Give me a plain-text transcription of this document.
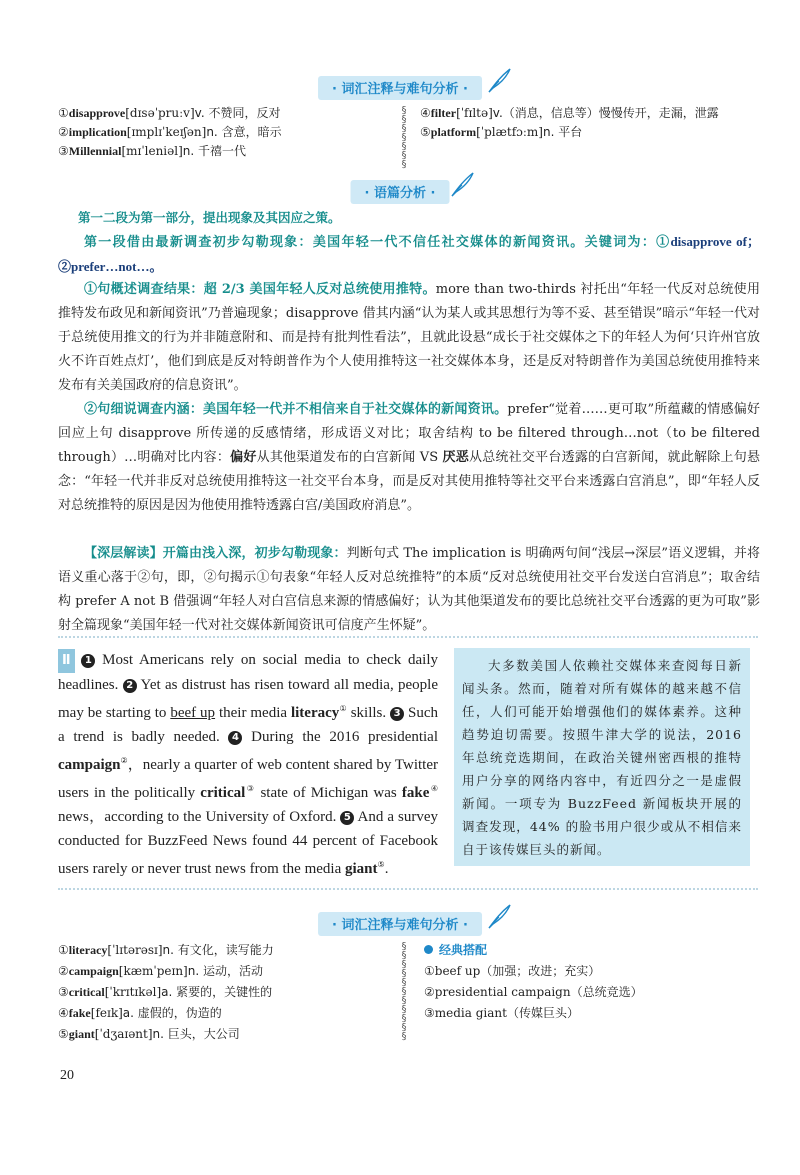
· 词汇注释与难句分析 ·
①disapprove[dɪsəˈpruːv]v. 不赞同，反对
②implication[ɪmplɪˈkeɪʃən]n. 含意，暗示
③Millennial[mɪˈleniəl]n. 千禧一代
§
§
§
§
§
§
§
④filter[ˈfɪltə]v.（消息，信息等）慢慢传开，走漏，泄露
⑤platform[ˈplætfɔːm]n. 平台
· 语篇分析 ·
第一二段为第一部分，提出现象及其因应之策。
第一段借由最新调查初步勾勒现象：美国年轻一代不信任社交媒体的新闻资讯。关键词为：①disapprove of；②prefer…not…。
①句概述调查结果：超 2/3 美国年轻人反对总统使用推特。more than two-thirds 衬托出“年轻一代反对总统使用推特发布政见和新闻资讯”乃普遍现象；disapprove 借其内涵“认为某人或其思想行为等不妥、甚至错误”暗示“年轻一代对于总统使用推文的行为并非随意附和、而是持有批判性看法”，且就此设悬“成长于社交媒体之下的年轻人为何‘只许州官放火不许百姓点灯’，他们到底是反对特朗普作为个人使用推特这一社交媒体本身，还是反对特朗普作为美国总统使用推特来发布有关美国政府的信息资讯”。
②句细说调查内涵：美国年轻一代并不相信来自于社交媒体的新闻资讯。prefer“觉着……更可取”所蕴藏的情感偏好回应上句 disapprove 所传递的反感情绪，形成语义对比；取舍结构 to be filtered through…not（to be filtered through）…明确对比内容：偏好从其他渠道发布的白宫新闻 VS 厌恶从总统社交平台透露的白宫新闻，就此解除上句悬念：“年轻一代并非反对总统使用推特这一社交平台本身，而是反对其使用推特等社交平台来透露白宫消息”，即“年轻人反对总统推特的原因是因为他使用推特透露白宫/美国政府消息”。
【深层解读】开篇由浅入深，初步勾勒现象：判断句式 The implication is 明确两句间“浅层→深层”语义逻辑，并将语义重心落于②句，即，②句揭示①句表象“年轻人反对总统推特”的本质“反对总统使用社交平台发送白宫消息”；取舍结构 prefer A not B 借强调“年轻人对白宫信息来源的情感偏好；认为其他渠道发布的要比总统社交平台透露的更为可取”影射全篇现象“美国年轻一代对社交媒体新闻资讯可信度产生怀疑”。
Ⅱ 1 Most Americans rely on social media to check daily headlines. 2 Yet as distrust has risen toward all media, people may be starting to beef up their media literacy① skills. 3 Such a trend is badly needed. 4 During the 2016 presidential campaign②，nearly a quarter of web content shared by Twitter users in the politically critical③ state of Michigan was fake④ news，according to the University of Oxford. 5 And a survey conducted for BuzzFeed News found 44 percent of Facebook users rarely or never trust news from the media giant⑤.
大多数美国人依赖社交媒体来查阅每日新闻头条。然而，随着对所有媒体的越来越不信任，人们可能开始增强他们的媒体素养。这种趋势迫切需要。按照牛津大学的说法，2016 年总统竞选期间，在政治关键州密西根的推特用户分享的网络内容中，有近四分之一是虚假新闻。一项专为 BuzzFeed 新闻板块开展的调查发现，44% 的脸书用户很少或从不相信来自于该传媒巨头的新闻。
· 词汇注释与难句分析 ·
①literacy[ˈlɪtərəsɪ]n. 有文化，读写能力
②campaign[kæmˈpeɪn]n. 运动，活动
③critical[ˈkrɪtɪkəl]a. 紧要的，关键性的
④fake[feɪk]a. 虚假的，伪造的
⑤giant[ˈdʒaɪənt]n. 巨头，大公司
§
§
§
§
§
§
§
§
§
§
§
经典搭配
①beef up（加强；改进；充实）
②presidential campaign（总统竞选）
③media giant（传媒巨头）
20
